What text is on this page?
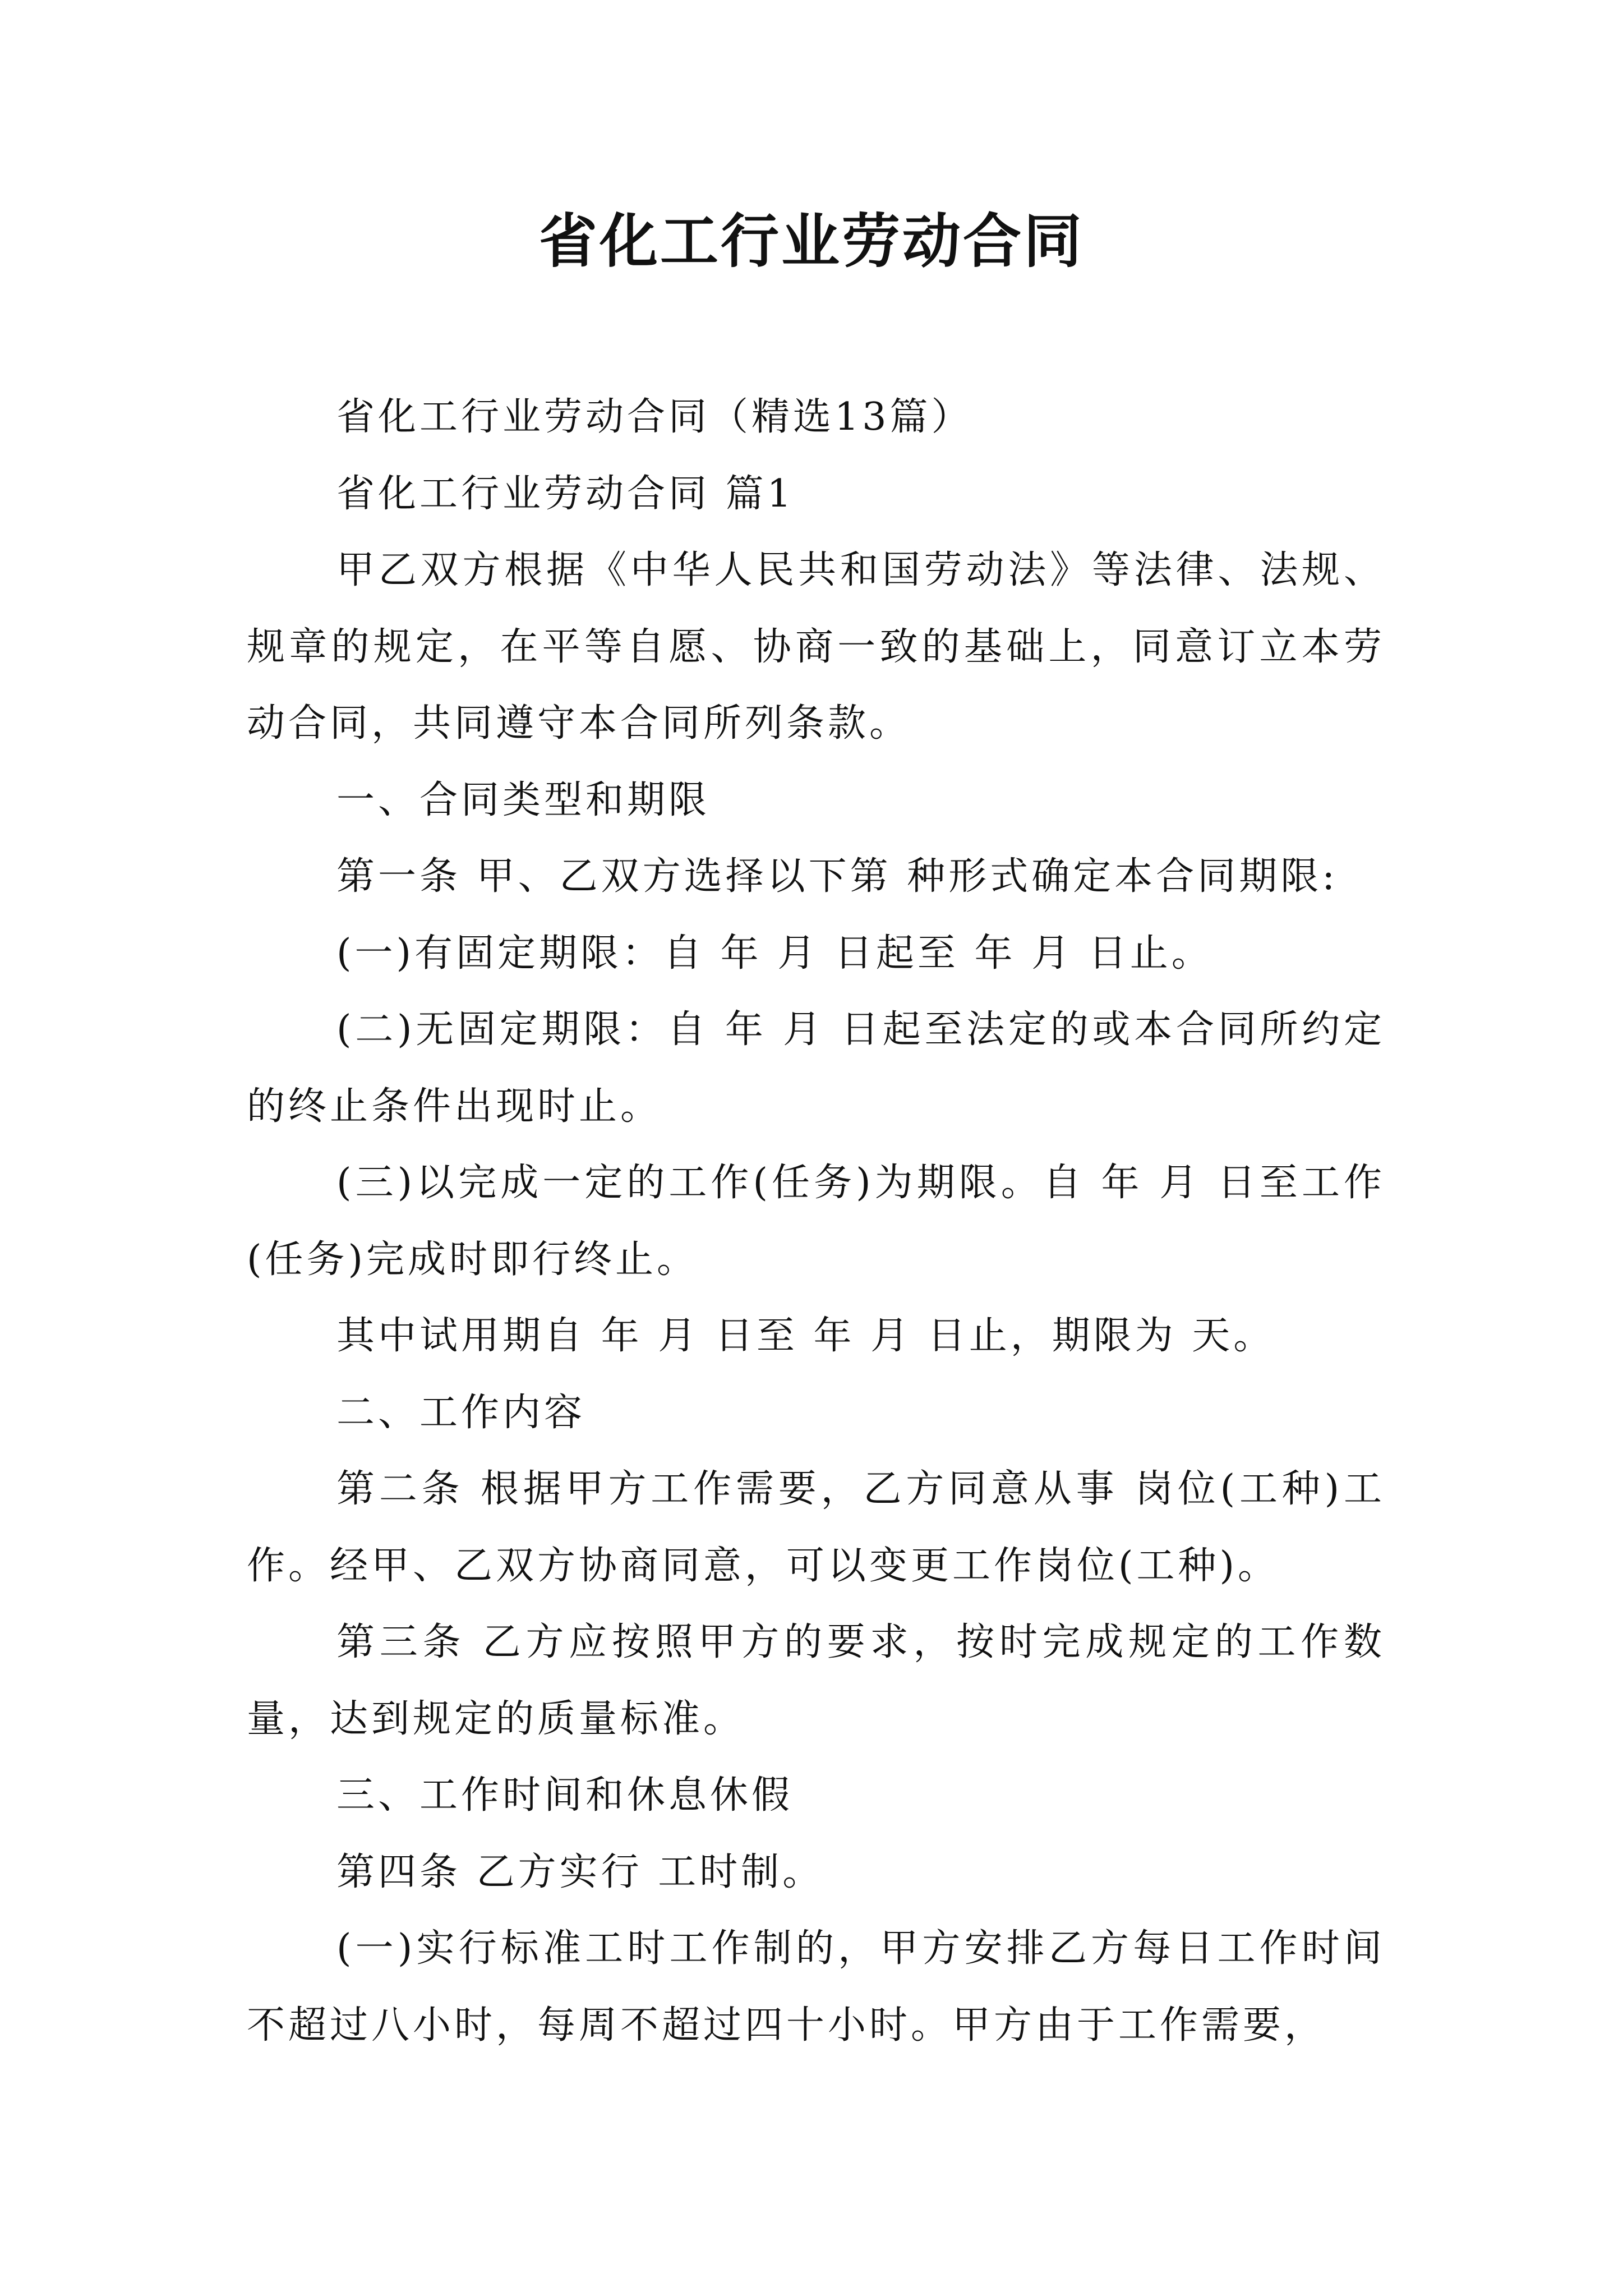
省化工行业劳动合同

省化工行业劳动合同（精选13篇）

省化工行业劳动合同 篇1

甲乙双方根据《中华人民共和国劳动法》等法律、法规、规章的规定，在平等自愿、协商一致的基础上，同意订立本劳动合同，共同遵守本合同所列条款。

一、合同类型和期限

第一条 甲、乙双方选择以下第 种形式确定本合同期限:

(一)有固定期限：自 年 月 日起至 年 月 日止。

(二)无固定期限：自 年 月 日起至法定的或本合同所约定的终止条件出现时止。

(三)以完成一定的工作(任务)为期限。自 年 月 日至工作(任务)完成时即行终止。

其中试用期自 年 月 日至 年 月 日止，期限为 天。

二、工作内容

第二条 根据甲方工作需要，乙方同意从事 岗位(工种)工作。经甲、乙双方协商同意，可以变更工作岗位(工种)。

第三条 乙方应按照甲方的要求，按时完成规定的工作数量，达到规定的质量标准。

三、工作时间和休息休假

第四条 乙方实行 工时制。

(一)实行标准工时工作制的，甲方安排乙方每日工作时间不超过八小时，每周不超过四十小时。甲方由于工作需要，
